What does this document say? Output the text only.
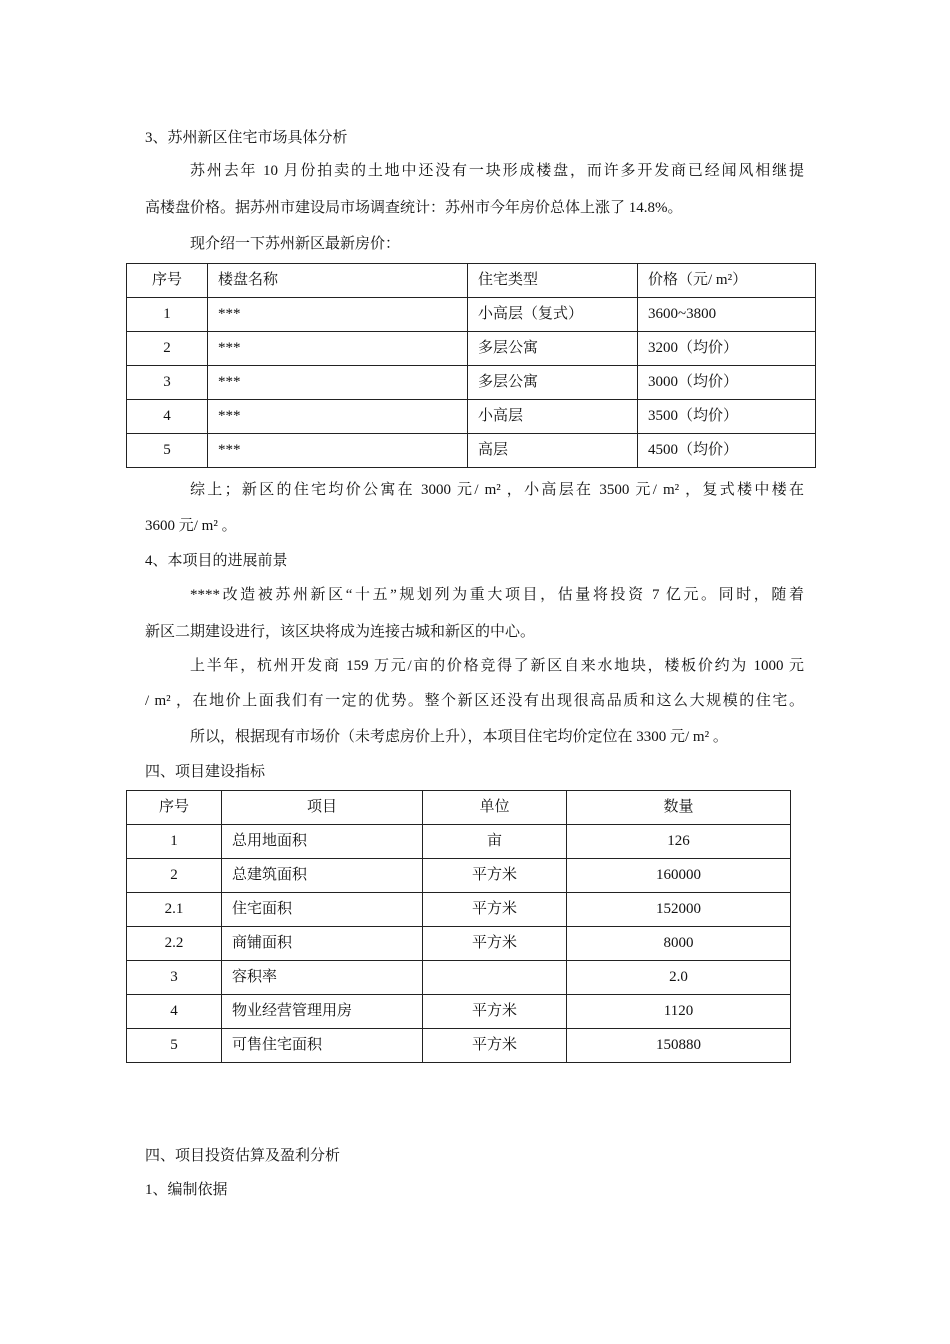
3、苏州新区住宅市场具体分析
苏州去年 10 月份拍卖的土地中还没有一块形成楼盘，而许多开发商已经闻风相继提
高楼盘价格。据苏州市建设局市场调查统计：苏州市今年房价总体上涨了 14.8%。
现介绍一下苏州新区最新房价：
序号	楼盘名称	住宅类型	价格（元/ m²）
1	***	小高层（复式）	3600~3800
2	***	多层公寓	3200（均价）
3	***	多层公寓	3000（均价）
4	***	小高层	3500（均价）
5	***	高层	4500（均价）
综上；新区的住宅均价公寓在 3000 元/ m² ，小高层在 3500 元/ m² ，复式楼中楼在
3600 元/ m² 。
4、本项目的进展前景
****改造被苏州新区“十五”规划列为重大项目，估量将投资 7 亿元。同时，随着
新区二期建设进行，该区块将成为连接古城和新区的中心。
上半年，杭州开发商 159 万元/亩的价格竞得了新区自来水地块，楼板价约为 1000 元
/ m² ，在地价上面我们有一定的优势。整个新区还没有出现很高品质和这么大规模的住宅。
所以，根据现有市场价（未考虑房价上升），本项目住宅均价定位在 3300 元/ m² 。
四、项目建设指标
序号	项目	单位	数量
1	总用地面积	亩	126
2	总建筑面积	平方米	160000
2.1	住宅面积	平方米	152000
2.2	商铺面积	平方米	8000
3	容积率		2.0
4	物业经营管理用房	平方米	1120
5	可售住宅面积	平方米	150880
四、项目投资估算及盈利分析
1、编制依据
